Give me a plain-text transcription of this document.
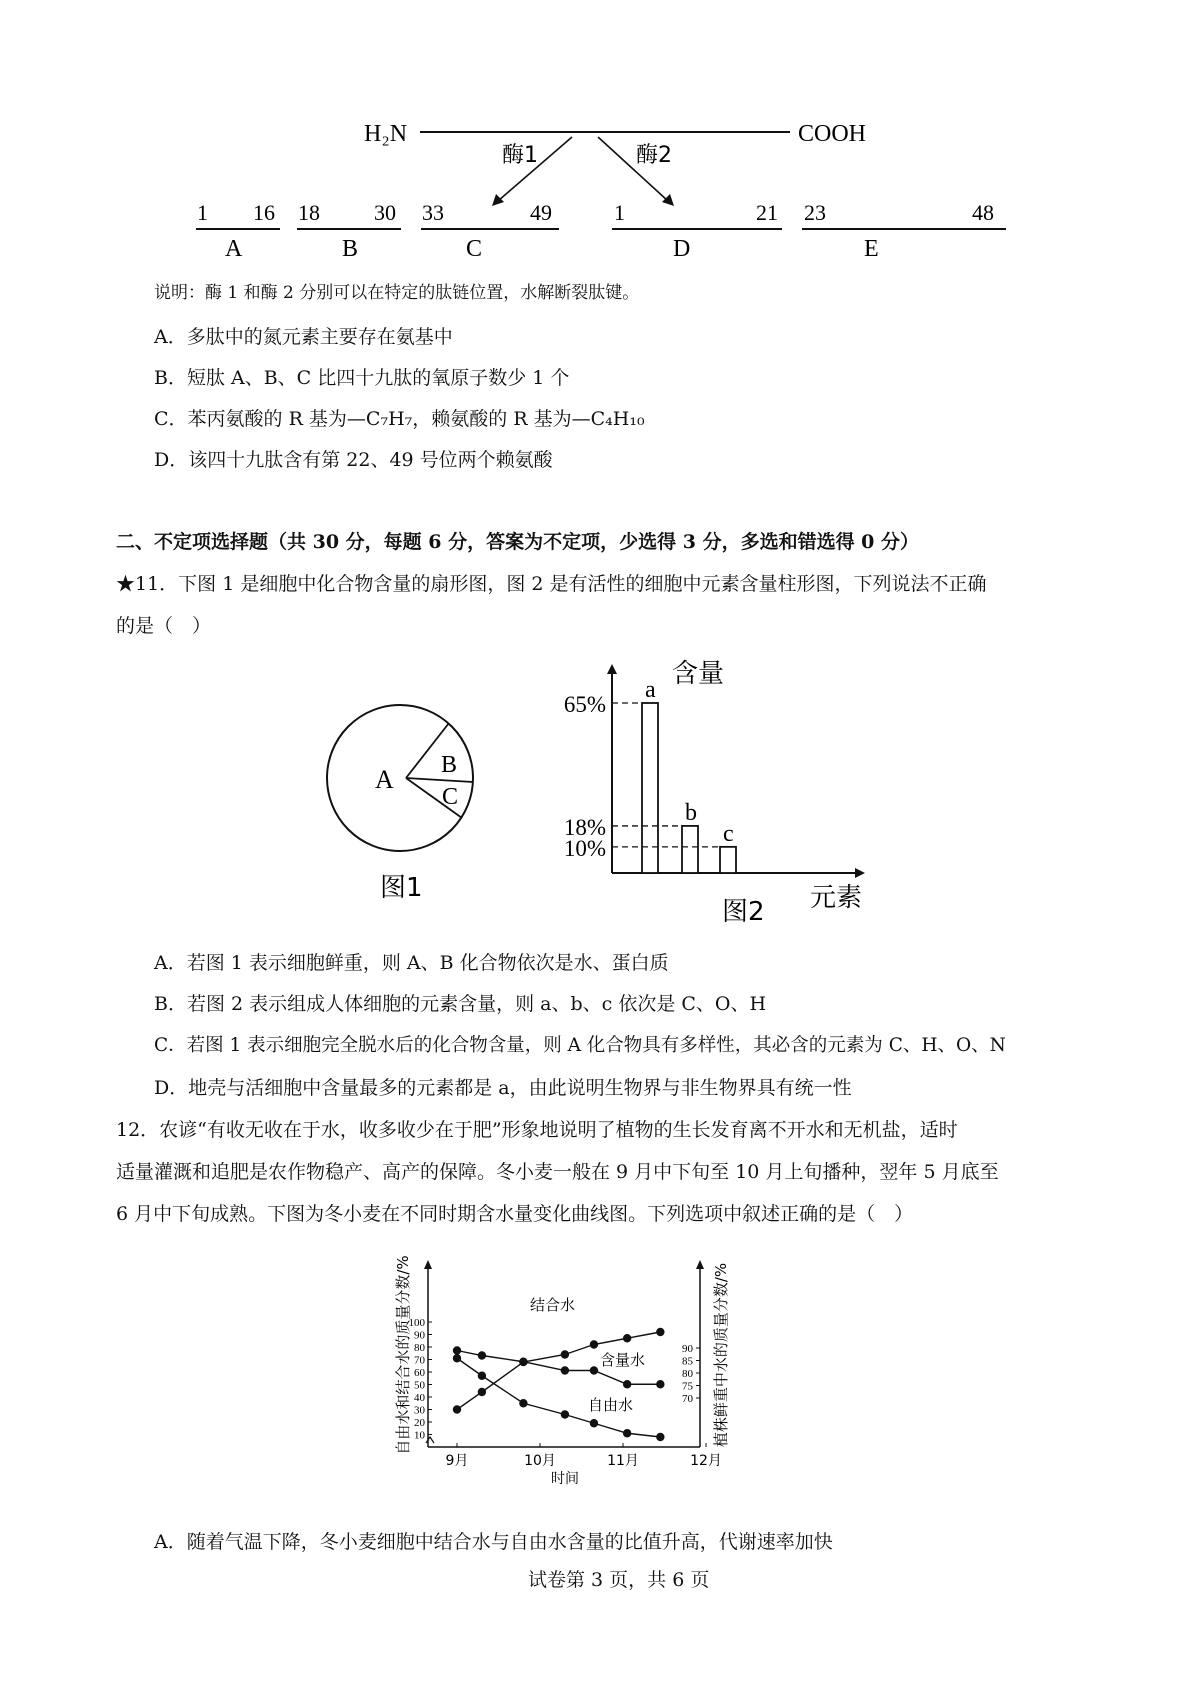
H₂N	COOH
酶1	酶2
1 16
A
18 30
B
33	49
C
1	21
D
23	48
E
说明：酶 1 和酶 2 分别可以在特定的肽链位置，水解断裂肽键。
A．多肽中的氮元素主要存在氨基中
B．短肽 A、B、C 比四十九肽的氧原子数少 1 个
C．苯丙氨酸的 R 基为—C₇H₇，赖氨酸的 R 基为—C₄H₁₀
D．该四十九肽含有第 22、49 号位两个赖氨酸
二、不定项选择题（共 30 分，每题 6 分，答案为不定项，少选得 3 分，多选和错选得 0 分）
★11．下图 1 是细胞中化合物含量的扇形图，图 2 是有活性的细胞中元素含量柱形图，下列说法不正确
的是（　）
A B
C
图1
a
65%
b
18%	c
10%
含量
元素
图2
A．若图 1 表示细胞鲜重，则 A、B 化合物依次是水、蛋白质
B．若图 2 表示组成人体细胞的元素含量，则 a、b、c 依次是 C、O、H
C．若图 1 表示细胞完全脱水后的化合物含量，则 A 化合物具有多样性，其必含的元素为 C、H、O、N
D．地壳与活细胞中含量最多的元素都是 a，由此说明生物界与非生物界具有统一性
12．农谚“有收无收在于水，收多收少在于肥”形象地说明了植物的生长发育离不开水和无机盐，适时
适量灌溉和追肥是农作物稳产、高产的保障。冬小麦一般在 9 月中下旬至 10 月上旬播种，翌年 5 月底至
6 月中下旬成熟。下图为冬小麦在不同时期含水量变化曲线图。下列选项中叙述正确的是（　）
10
20
30
40
50
60
70
80
90
100
70
75
80
85
90
9月	10月	11月	12月
时间
自由水和结合水的质量分数/%	植株鲜重中水的质量分数/%
结合水
含量水
自由水
A．随着气温下降，冬小麦细胞中结合水与自由水含量的比值升高，代谢速率加快
试卷第 3 页，共 6 页
